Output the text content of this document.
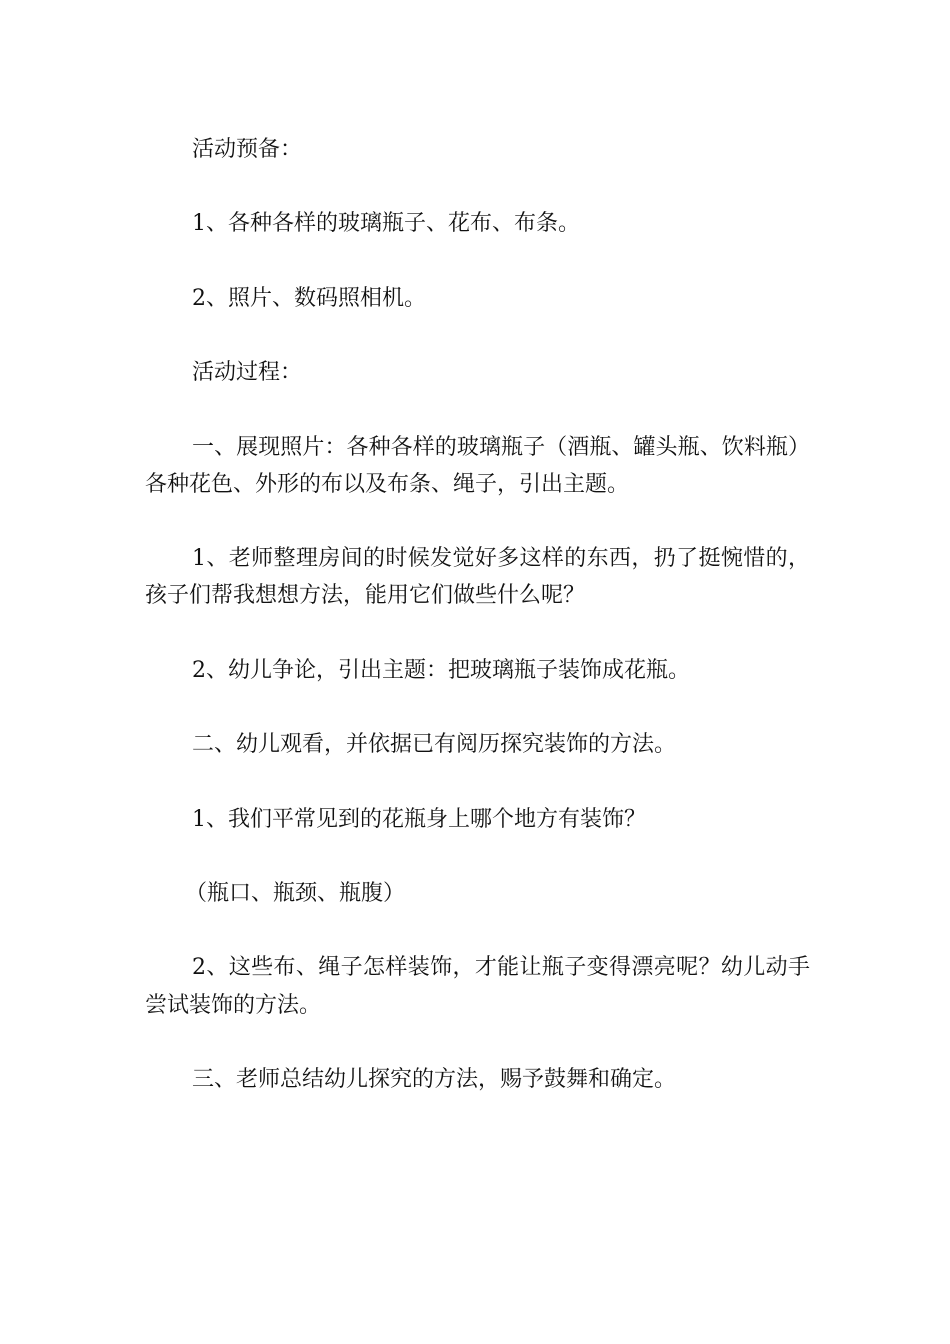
活动预备：

1、各种各样的玻璃瓶子、花布、布条。

2、照片、数码照相机。

活动过程：

一、展现照片：各种各样的玻璃瓶子（酒瓶、罐头瓶、饮料瓶）各种花色、外形的布以及布条、绳子，引出主题。

1、老师整理房间的时候发觉好多这样的东西，扔了挺惋惜的，孩子们帮我想想方法，能用它们做些什么呢？

2、幼儿争论，引出主题：把玻璃瓶子装饰成花瓶。

二、幼儿观看，并依据已有阅历探究装饰的方法。

1、我们平常见到的花瓶身上哪个地方有装饰？

（瓶口、瓶颈、瓶腹）

2、这些布、绳子怎样装饰，才能让瓶子变得漂亮呢？幼儿动手尝试装饰的方法。

三、老师总结幼儿探究的方法，赐予鼓舞和确定。
